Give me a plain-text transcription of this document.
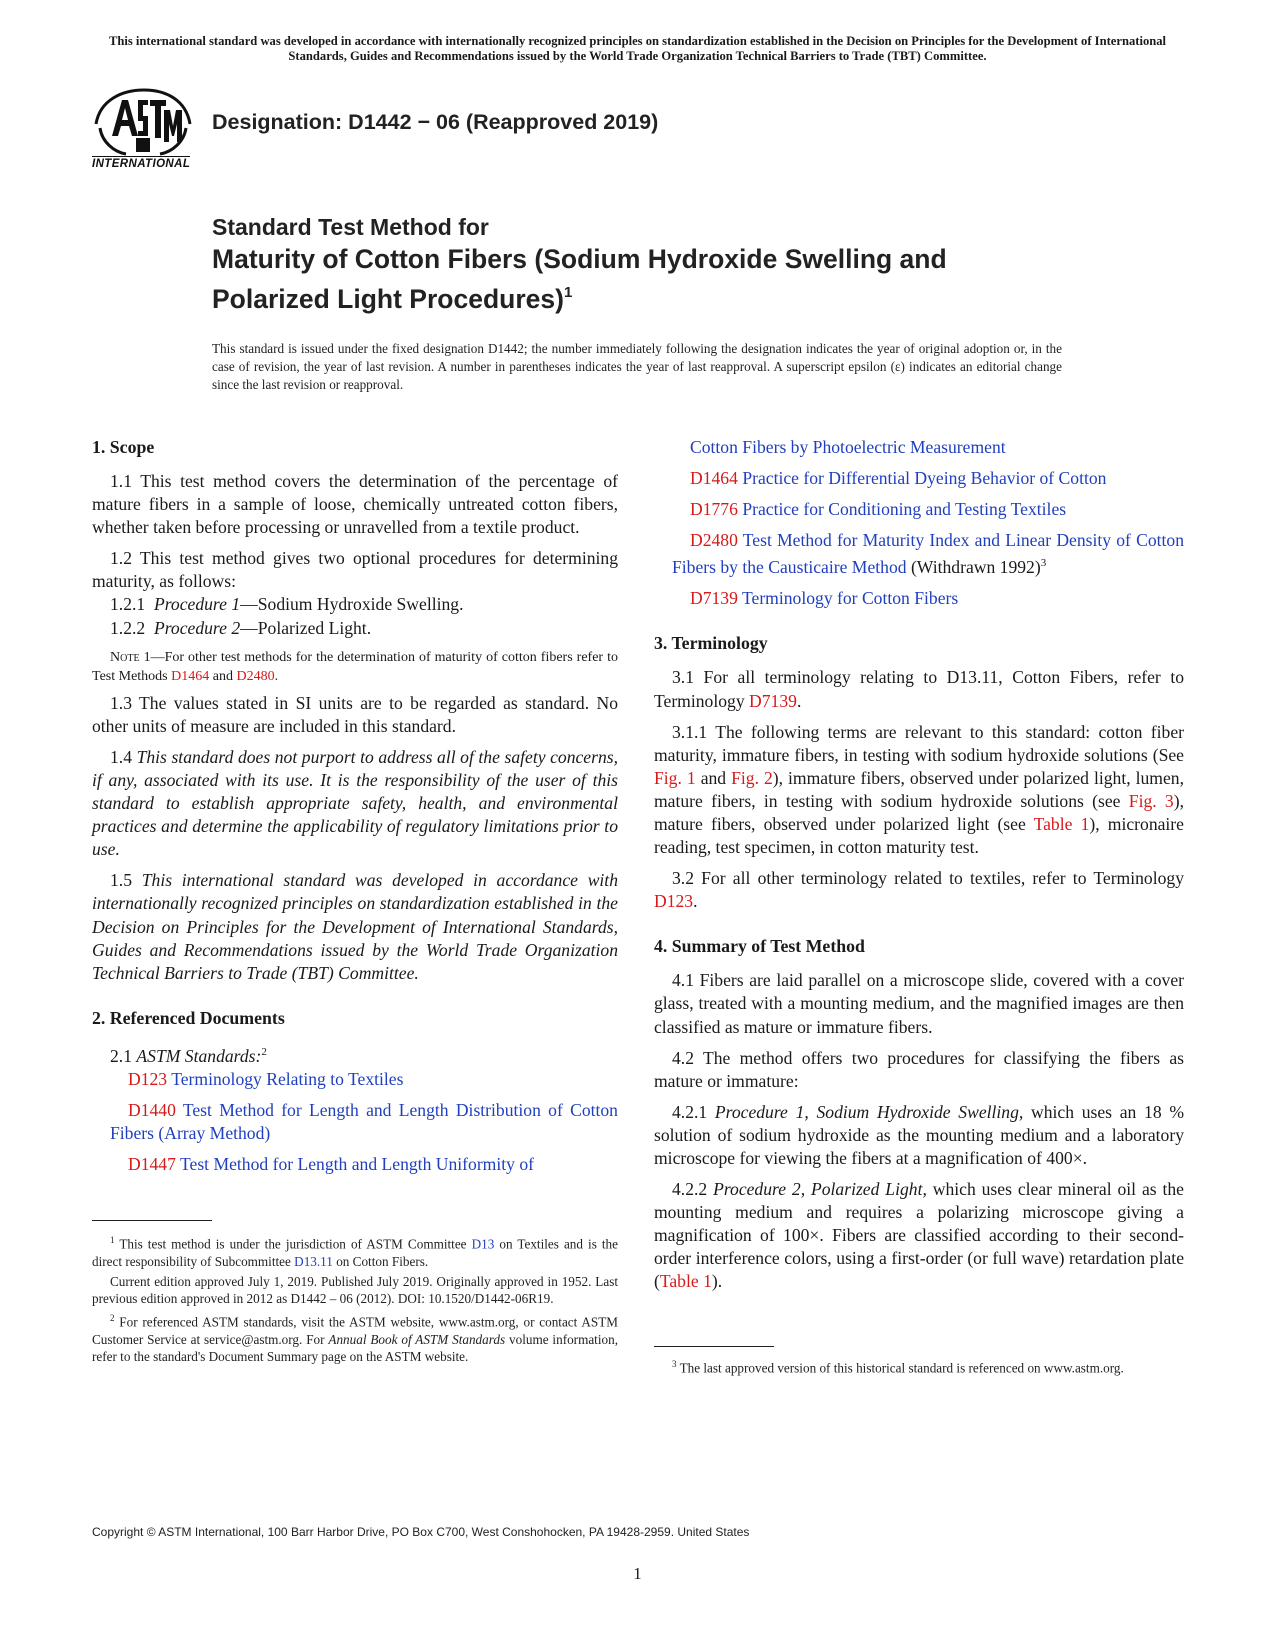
This international standard was developed in accordance with internationally recognized principles on standardization established in the Decision on Principles for the Development of International Standards, Guides and Recommendations issued by the World Trade Organization Technical Barriers to Trade (TBT) Committee.
INTERNATIONAL
Designation: D1442 − 06 (Reapproved 2019)
Standard Test Method for
Maturity of Cotton Fibers (Sodium Hydroxide Swelling and
Polarized Light Procedures)$^1$
This standard is issued under the fixed designation D1442; the number immediately following the designation indicates the year of original adoption or, in the case of revision, the year of last revision. A number in parentheses indicates the year of last reapproval. A superscript epsilon (ε) indicates an editorial change since the last revision or reapproval.
1. Scope

1.1 This test method covers the determination of the percentage of mature fibers in a sample of loose, chemically untreated cotton fibers, whether taken before processing or unravelled from a textile product.

1.2 This test method gives two optional procedures for determining maturity, as follows:

1.2.1 Procedure 1—Sodium Hydroxide Swelling.

1.2.2 Procedure 2—Polarized Light.

Note 1—For other test methods for the determination of maturity of cotton fibers refer to Test Methods D1464 and D2480.

1.3 The values stated in SI units are to be regarded as standard. No other units of measure are included in this standard.

1.4 This standard does not purport to address all of the safety concerns, if any, associated with its use. It is the responsibility of the user of this standard to establish appropriate safety, health, and environmental practices and determine the applicability of regulatory limitations prior to use.

1.5 This international standard was developed in accordance with internationally recognized principles on standardization established in the Decision on Principles for the Development of International Standards, Guides and Recommendations issued by the World Trade Organization Technical Barriers to Trade (TBT) Committee.

2. Referenced Documents

2.1 ASTM Standards:$^2$

D123 Terminology Relating to Textiles

D1440 Test Method for Length and Length Distribution of Cotton Fibers (Array Method)

D1447 Test Method for Length and Length Uniformity of

$^1$ This test method is under the jurisdiction of ASTM Committee D13 on Textiles and is the direct responsibility of Subcommittee D13.11 on Cotton Fibers.

Current edition approved July 1, 2019. Published July 2019. Originally approved in 1952. Last previous edition approved in 2012 as D1442 – 06 (2012). DOI: 10.1520/D1442-06R19.

$^2$ For referenced ASTM standards, visit the ASTM website, www.astm.org, or contact ASTM Customer Service at service@astm.org. For Annual Book of ASTM Standards volume information, refer to the standard's Document Summary page on the ASTM website.

Cotton Fibers by Photoelectric Measurement

D1464 Practice for Differential Dyeing Behavior of Cotton

D1776 Practice for Conditioning and Testing Textiles

D2480 Test Method for Maturity Index and Linear Density of Cotton Fibers by the Causticaire Method (Withdrawn 1992)$^3$

D7139 Terminology for Cotton Fibers

3. Terminology

3.1 For all terminology relating to D13.11, Cotton Fibers, refer to Terminology D7139.

3.1.1 The following terms are relevant to this standard: cotton fiber maturity, immature fibers, in testing with sodium hydroxide solutions (See Fig. 1 and Fig. 2), immature fibers, observed under polarized light, lumen, mature fibers, in testing with sodium hydroxide solutions (see Fig. 3), mature fibers, observed under polarized light (see Table 1), micronaire reading, test specimen, in cotton maturity test.

3.2 For all other terminology related to textiles, refer to Terminology D123.

4. Summary of Test Method

4.1 Fibers are laid parallel on a microscope slide, covered with a cover glass, treated with a mounting medium, and the magnified images are then classified as mature or immature fibers.

4.2 The method offers two procedures for classifying the fibers as mature or immature:

4.2.1 Procedure 1, Sodium Hydroxide Swelling, which uses an 18 % solution of sodium hydroxide as the mounting medium and a laboratory microscope for viewing the fibers at a magnification of 400×.

4.2.2 Procedure 2, Polarized Light, which uses clear mineral oil as the mounting medium and requires a polarizing microscope giving a magnification of 100×. Fibers are classified according to their second-order interference colors, using a first-order (or full wave) retardation plate (Table 1).

$^3$ The last approved version of this historical standard is referenced on www.astm.org.

Copyright © ASTM International, 100 Barr Harbor Drive, PO Box C700, West Conshohocken, PA 19428-2959. United States
1
